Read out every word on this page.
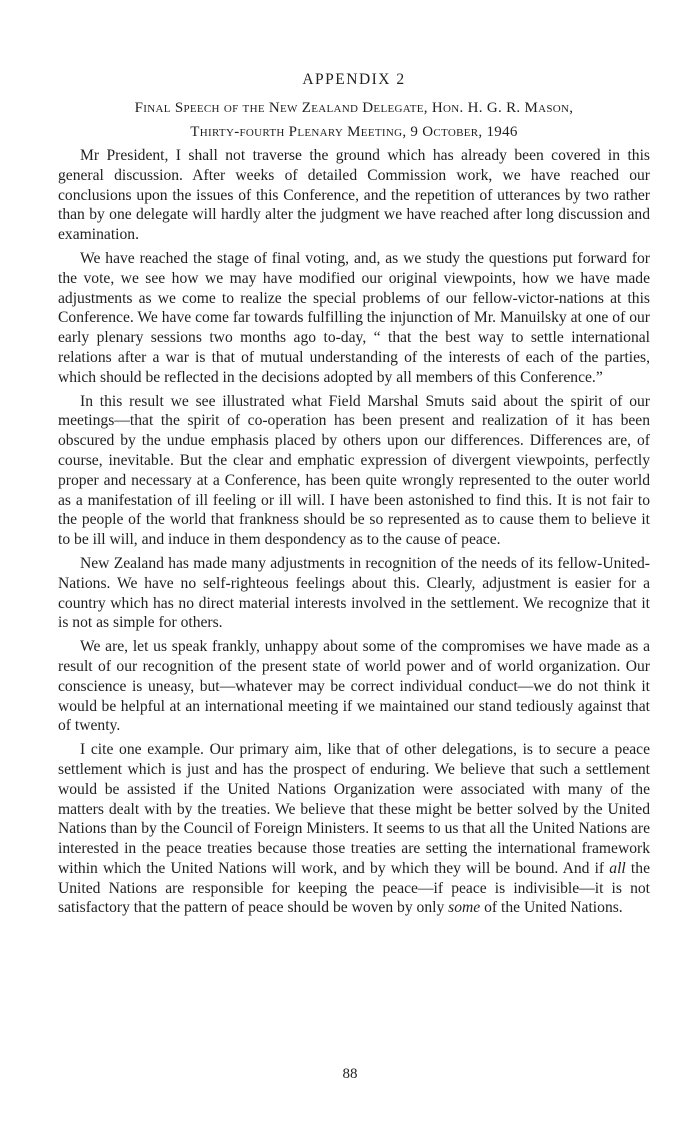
APPENDIX 2
Final Speech of the New Zealand Delegate, Hon. H. G. R. Mason,
Thirty-fourth Plenary Meeting, 9 October, 1946

Mr President, I shall not traverse the ground which has already been covered in this general discussion. After weeks of detailed Commission work, we have reached our conclusions upon the issues of this Conference, and the repetition of utterances by two rather than by one delegate will hardly alter the judgment we have reached after long discussion and examination.

We have reached the stage of final voting, and, as we study the questions put forward for the vote, we see how we may have modified our original viewpoints, how we have made adjustments as we come to realize the special problems of our fellow-victor-nations at this Conference. We have come far towards fulfilling the injunction of Mr. Manuilsky at one of our early plenary sessions two months ago to-day, “ that the best way to settle international relations after a war is that of mutual understanding of the interests of each of the parties, which should be reflected in the decisions adopted by all members of this Conference.”

In this result we see illustrated what Field Marshal Smuts said about the spirit of our meetings—that the spirit of co-operation has been present and realization of it has been obscured by the undue emphasis placed by others upon our differences. Differences are, of course, inevitable. But the clear and emphatic expression of divergent viewpoints, perfectly proper and necessary at a Conference, has been quite wrongly represented to the outer world as a manifestation of ill feeling or ill will. I have been astonished to find this. It is not fair to the people of the world that frankness should be so represented as to cause them to believe it to be ill will, and induce in them despondency as to the cause of peace.

New Zealand has made many adjustments in recognition of the needs of its fellow-United-Nations. We have no self-righteous feelings about this. Clearly, adjustment is easier for a country which has no direct material interests involved in the settlement. We recognize that it is not as simple for others.

We are, let us speak frankly, unhappy about some of the compromises we have made as a result of our recognition of the present state of world power and of world organization. Our conscience is uneasy, but—whatever may be correct individual conduct—we do not think it would be helpful at an international meeting if we maintained our stand tediously against that of twenty.

I cite one example. Our primary aim, like that of other delegations, is to secure a peace settlement which is just and has the prospect of enduring. We believe that such a settlement would be assisted if the United Nations Organization were associated with many of the matters dealt with by the treaties. We believe that these might be better solved by the United Nations than by the Council of Foreign Ministers. It seems to us that all the United Nations are interested in the peace treaties because those treaties are setting the international framework within which the United Nations will work, and by which they will be bound. And if all the United Nations are responsible for keeping the peace—if peace is indivisible—it is not satisfactory that the pattern of peace should be woven by only some of the United Nations.

88
